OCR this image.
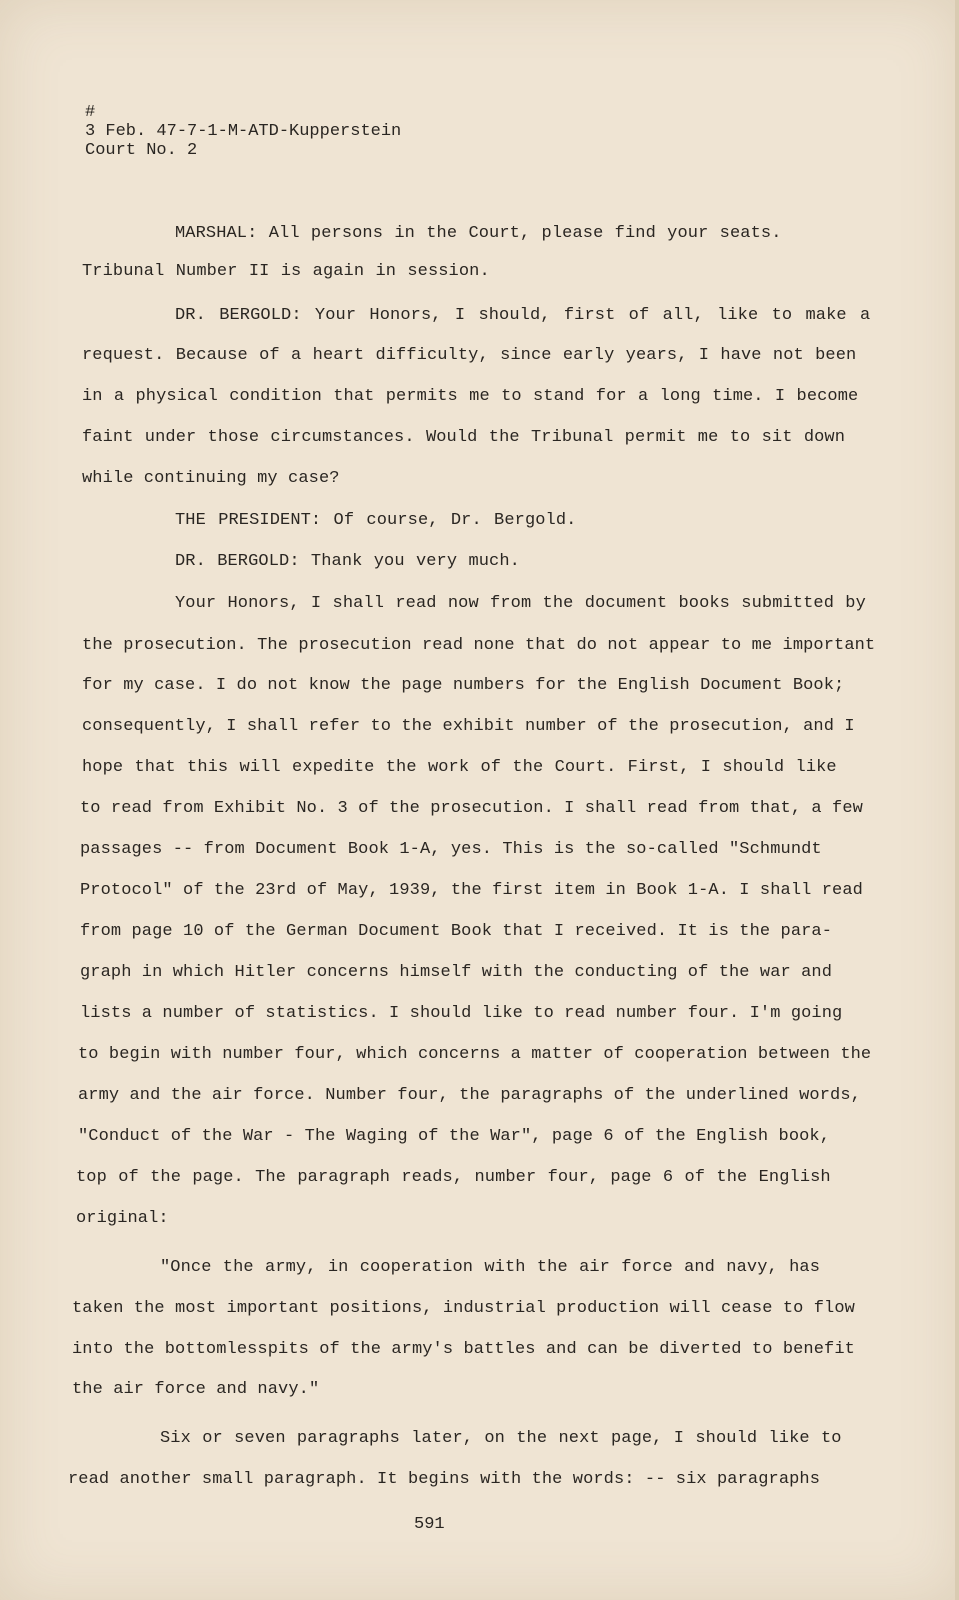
#
3 Feb. 47-7-1-M-ATD-Kupperstein
Court No. 2
MARSHAL: All persons in the Court, please find your seats.
Tribunal Number II is again in session.
DR. BERGOLD: Your Honors, I should, first of all, like to make a
request. Because of a heart difficulty, since early years, I have not been
in a physical condition that permits me to stand for a long time. I become
faint under those circumstances. Would the Tribunal permit me to sit down
while continuing my case?
THE PRESIDENT: Of course, Dr. Bergold.
DR. BERGOLD: Thank you very much.
Your Honors, I shall read now from the document books submitted by
the prosecution. The prosecution read none that do not appear to me important
for my case. I do not know the page numbers for the English Document Book;
consequently, I shall refer to the exhibit number of the prosecution, and I
hope that this will expedite the work of the Court. First, I should like
to read from Exhibit No. 3 of the prosecution. I shall read from that, a few
passages -- from Document Book 1-A, yes. This is the so-called "Schmundt
Protocol" of the 23rd of May, 1939, the first item in Book 1-A. I shall read
from page 10 of the German Document Book that I received. It is the para-
graph in which Hitler concerns himself with the conducting of the war and
lists a number of statistics. I should like to read number four. I'm going
to begin with number four, which concerns a matter of cooperation between the
army and the air force. Number four, the paragraphs of the underlined words,
"Conduct of the War - The Waging of the War", page 6 of the English book,
top of the page. The paragraph reads, number four, page 6 of the English
original:
"Once the army, in cooperation with the air force and navy, has
taken the most important positions, industrial production will cease to flow
into the bottomlesspits of the army's battles and can be diverted to benefit
the air force and navy."
Six or seven paragraphs later, on the next page, I should like to
read another small paragraph. It begins with the words: -- six paragraphs
591
